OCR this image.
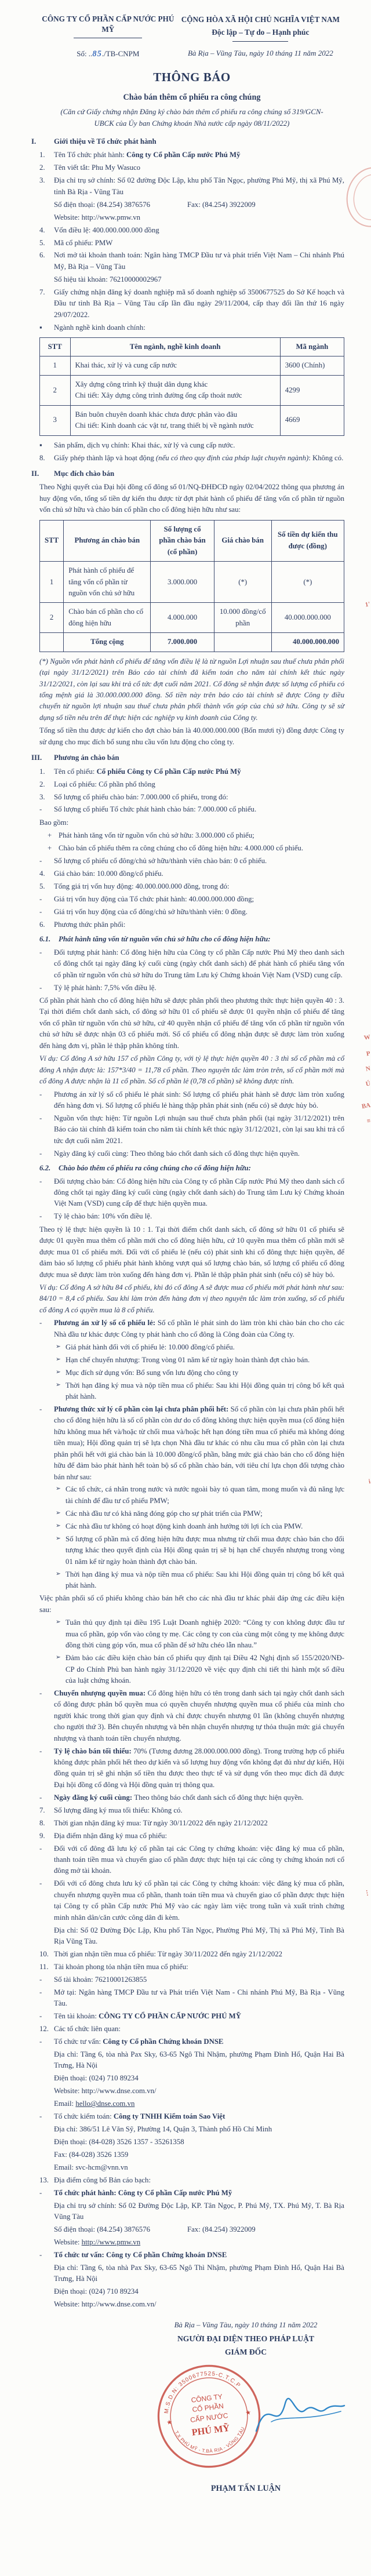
CÔNG TY CỔ PHẦN CẤP NƯỚC PHÚ MỸ
Số: ..85./TB-CNPM
CỘNG HÒA XÃ HỘI CHỦ NGHĨA VIỆT NAM
Độc lập – Tự do – Hạnh phúc
Bà Rịa – Vũng Tàu, ngày 10 tháng 11 năm 2022
THÔNG BÁO
Chào bán thêm cổ phiếu ra công chúng
(Căn cứ Giấy chứng nhận Đăng ký chào bán thêm cổ phiếu ra công chúng số 319/GCN-UBCK của Ủy ban Chứng khoán Nhà nước cấp ngày 08/11/2022)
I.	Giới thiệu về Tổ chức phát hành
1.	Tên Tổ chức phát hành: Công ty Cổ phần Cấp nước Phú Mỹ
2.	Tên viết tắt: Phu My Wasuco
3.	Địa chỉ trụ sở chính: Số 02 đường Độc Lập, khu phố Tân Ngọc, phường Phú Mỹ, thị xã Phú Mỹ, tỉnh Bà Rịa - Vũng Tàu
Số điện thoại: (84.254) 3876576	Fax: (84.254) 3922009
Website: http://www.pmw.vn
4.	Vốn điều lệ: 400.000.000.000 đồng
5.	Mã cổ phiếu: PMW
6.	Nơi mở tài khoản thanh toán: Ngân hàng TMCP Đầu tư và phát triển Việt Nam – Chi nhánh Phú Mỹ, Bà Rịa – Vũng Tàu
Số hiệu tài khoản: 76210000002967
7.	Giấy chứng nhận đăng ký doanh nghiệp mã số doanh nghiệp số 3500677525 do Sở Kế hoạch và Đầu tư tỉnh Bà Rịa – Vũng Tàu cấp lần đầu ngày 29/11/2004, cấp thay đổi lần thứ 16 ngày 29/07/2022.
▪	Ngành nghề kinh doanh chính:
STT	Tên ngành, nghề kinh doanh	Mã ngành
1	Khai thác, xử lý và cung cấp nước	3600 (Chính)
2	Xây dựng công trình kỹ thuật dân dụng khác
Chi tiết: Xây dựng công trình đường ống cấp thoát nước	4299
3	Bán buôn chuyên doanh khác chưa được phân vào đâu
Chi tiết: Kinh doanh các vật tư, trang thiết bị về ngành nước	4669
▪	Sản phẩm, dịch vụ chính: Khai thác, xử lý và cung cấp nước.
8.	Giấy phép thành lập và hoạt động (nếu có theo quy định của pháp luật chuyên ngành): Không có.
II.	Mục đích chào bán
Theo Nghị quyết của Đại hội đồng cổ đông số 01/NQ-ĐHĐCĐ ngày 02/04/2022 thông qua phương án huy động vốn, tổng số tiền dự kiến thu được từ đợt phát hành cổ phiếu để tăng vốn cổ phần từ nguồn vốn chủ sở hữu và chào bán cổ phần cho cổ đông hiện hữu như sau:
STT	Phương án chào bán	Số lượng cổ phần chào bán (cổ phần)	Giá chào bán	Số tiền dự kiến thu được (đồng)
1	Phát hành cổ phiếu để tăng vốn cổ phần từ nguồn vốn chủ sở hữu	3.000.000	(*)	(*)
2	Chào bán cổ phần cho cổ đông hiện hữu	4.000.000	10.000 đồng/cổ phần	40.000.000.000
	Tổng cộng	7.000.000		40.000.000.000
(*) Nguồn vốn phát hành cổ phiếu để tăng vốn điều lệ là từ nguồn Lợi nhuận sau thuế chưa phân phối (tại ngày 31/12/2021) trên Báo cáo tài chính đã kiểm toán cho năm tài chính kết thúc ngày 31/12/2021, còn lại sau khi trả cổ tức đợt cuối năm 2021. Cổ đông sẽ nhận được số lượng cổ phiếu có tổng mệnh giá là 30.000.000.000 đồng. Số tiền này trên báo cáo tài chính sẽ được Công ty điều chuyển từ nguồn lợi nhuận sau thuế chưa phân phối thành vốn góp của chủ sở hữu. Công ty sẽ sử dụng số tiền nêu trên để thực hiện các nghiệp vụ kinh doanh của Công ty.
Tổng số tiền thu được dự kiến cho đợt chào bán là 40.000.000.000 (Bốn mươi tỷ) đồng được Công ty sử dụng cho mục đích bổ sung nhu cầu vốn lưu động cho công ty.
III.	Phương án chào bán
1.	Tên cổ phiếu: Cổ phiếu Công ty Cổ phần Cấp nước Phú Mỹ
2.	Loại cổ phiếu: Cổ phần phổ thông
3.	Số lượng cổ phiếu chào bán: 7.000.000 cổ phiếu, trong đó:
-	Số lượng cổ phiếu Tổ chức phát hành chào bán: 7.000.000 cổ phiếu.
Bao gồm:
+ Phát hành tăng vốn từ nguồn vốn chủ sở hữu: 3.000.000 cổ phiếu;
+ Chào bán cổ phiếu thêm ra công chúng cho cổ đông hiện hữu: 4.000.000 cổ phiếu.
-	Số lượng cổ phiếu cổ đông/chủ sở hữu/thành viên chào bán: 0 cổ phiếu.
4.	Giá chào bán: 10.000 đồng/cổ phiếu.
5.	Tổng giá trị vốn huy động: 40.000.000.000 đồng, trong đó:
-	Giá trị vốn huy động của Tổ chức phát hành: 40.000.000.000 đồng;
-	Giá trị vốn huy động của cổ đông/chủ sở hữu/thành viên: 0 đồng.
6.	Phương thức phân phối:
6.1.	Phát hành tăng vốn từ nguồn vốn chủ sở hữu cho cổ đông hiện hữu:
-	Đối tượng phát hành: Cổ đông hiện hữu của Công ty cổ phần Cấp nước Phú Mỹ theo danh sách cổ đông chốt tại ngày đăng ký cuối cùng (ngày chốt danh sách) để phát hành cổ phiếu tăng vốn cổ phần từ nguồn vốn chủ sở hữu do Trung tâm Lưu ký Chứng khoán Việt Nam (VSD) cung cấp.
-	Tỷ lệ phát hành: 7,5% vốn điều lệ.
Cổ phần phát hành cho cổ đông hiện hữu sẽ được phân phối theo phương thức thực hiện quyền 40 : 3. Tại thời điểm chốt danh sách, cổ đông sở hữu 01 cổ phiếu sẽ được 01 quyền nhận cổ phiếu để tăng vốn cổ phần từ nguồn vốn chủ sở hữu, cứ 40 quyền nhận cổ phiếu để tăng vốn cổ phần từ nguồn vốn chủ sở hữu sẽ được nhận 03 cổ phiếu mới. Số cổ phiếu cổ đông nhận được sẽ được làm tròn xuống đến hàng đơn vị, phần lẻ thập phân không tính.
Ví dụ: Cổ đông A sở hữu 157 cổ phần Công ty, với tỷ lệ thực hiện quyền 40 : 3 thì số cổ phần mà cổ đông A nhận được là: 157*3/40 = 11,78 cổ phần. Theo nguyên tắc làm tròn trên, số cổ phần mới mà cổ đông A được nhận là 11 cổ phần. Số cổ phần lẻ (0,78 cổ phần) sẽ không được tính.
-	Phương án xử lý số cổ phiếu lẻ phát sinh: Số lượng cổ phiếu phát hành sẽ được làm tròn xuống đến hàng đơn vị. Số lượng cổ phiếu lẻ hàng thập phân phát sinh (nếu có) sẽ được hủy bỏ.
-	Nguồn vốn thực hiện: Từ nguồn Lợi nhuận sau thuế chưa phân phối (tại ngày 31/12/2021) trên Báo cáo tài chính đã kiểm toán cho năm tài chính kết thúc ngày 31/12/2021, còn lại sau khi trả cổ tức đợt cuối năm 2021.
-	Ngày đăng ký cuối cùng: Theo thông báo chốt danh sách cổ đông thực hiện quyền.
6.2.	Chào báo thêm cổ phiếu ra công chúng cho cổ đông hiện hữu:
-	Đối tượng chào bán: Cổ đông hiện hữu của Công ty cổ phần Cấp nước Phú Mỹ theo danh sách cổ đông chốt tại ngày đăng ký cuối cùng (ngày chốt danh sách) do Trung tâm Lưu ký Chứng khoán Việt Nam (VSD) cung cấp để thực hiện quyền mua.
-	Tỷ lệ chào bán: 10% vốn điều lệ.
Theo tỷ lệ thực hiện quyền là 10 : 1. Tại thời điểm chốt danh sách, cổ đông sở hữu 01 cổ phiếu sẽ được 01 quyền mua thêm cổ phần mới cho cổ đông hiện hữu, cứ 10 quyền mua thêm cổ phần mới sẽ được mua 01 cổ phiếu mới. Đối với cổ phiếu lẻ (nếu có) phát sinh khi cổ đông thực hiện quyền, để đảm bảo số lượng cổ phiếu phát hành không vượt quá số lượng chào bán, số lượng cổ phiếu cổ đông được mua sẽ được làm tròn xuống đến hàng đơn vị. Phần lẻ thập phân phát sinh (nếu có) sẽ hủy bỏ.
Ví dụ: Cổ đông A sở hữu 84 cổ phiếu, khi đó cổ đông A sẽ được mua cổ phiếu mới phát hành như sau: 84/10 = 8,4 cổ phiếu. Sau khi làm tròn đến hàng đơn vị theo nguyên tắc làm tròn xuống, số cổ phiếu cổ đông A có quyền mua là 8 cổ phiếu.
-	Phương án xử lý số cổ phiếu lẻ: Số cổ phần lẻ phát sinh do làm tròn khi chào bán cho cho các Nhà đầu tư khác được Công ty phát hành cho cổ đông là Công đoàn của Công ty.
➢ Giá phát hành đối với cổ phiếu lẻ: 10.000 đồng/cổ phiếu.
➢ Hạn chế chuyển nhượng: Trong vòng 01 năm kể từ ngày hoàn thành đợt chào bán.
➢ Mục đích sử dụng vốn: Bổ sung vốn lưu động cho công ty
➢ Thời hạn đăng ký mua và nộp tiền mua cổ phiếu: Sau khi Hội đồng quản trị công bố kết quả phát hành.
-	Phương thức xử lý cổ phần còn lại chưa phân phối hết: Số cổ phần còn lại chưa phân phối hết cho cổ đông hiện hữu là số cổ phần còn dư do cổ đông không thực hiện quyền mua (cổ đông hiện hữu không mua hết và/hoặc từ chối mua và/hoặc hết hạn đóng tiền mua cổ phiếu mà không đóng tiền mua); Hội đồng quản trị sẽ lựa chọn Nhà đầu tư khác có nhu cầu mua cổ phần còn lại chưa phân phối hết với giá chào bán là 10.000 đồng/cổ phần, bằng mức giá chào bán cho cổ đông hiện hữu để đảm bảo phát hành hết toàn bộ số cổ phần chào bán, với tiêu chí lựa chọn đối tượng chào bán như sau:
➢ Các tổ chức, cá nhân trong nước và nước ngoài bày tỏ quan tâm, mong muốn và đủ năng lực tài chính để đầu tư cổ phiếu PMW;
➢ Các nhà đầu tư có khả năng đóng góp cho sự phát triển của PMW;
➢ Các nhà đầu tư không có hoạt động kinh doanh ảnh hưởng tới lợi ích của PMW.
➢ Số lượng cổ phần mà cổ đông hiện hữu được mua nhưng từ chối mua được chào bán cho đối tượng khác theo quyết định của Hội đồng quản trị sẽ bị hạn chế chuyển nhượng trong vòng 01 năm kể từ ngày hoàn thành đợt chào bán.
➢ Thời hạn đăng ký mua và nộp tiền mua cổ phiếu: Sau khi Hội đồng quản trị công bố kết quả phát hành.
Việc phân phối số cổ phiếu không chào bán hết cho các nhà đầu tư khác phải đáp ứng các điều kiện sau:
➢ Tuân thủ quy định tại điều 195 Luật Doanh nghiệp 2020: “Công ty con không được đầu tư mua cổ phần, góp vốn vào công ty mẹ. Các công ty con của cùng một công ty mẹ không được đồng thời cùng góp vốn, mua cổ phần để sở hữu chéo lẫn nhau.”
➢ Đảm bảo các điều kiện chào bán cổ phiếu quy định tại Điều 42 Nghị định số 155/2020/NĐ-CP do Chính Phủ ban hành ngày 31/12/2020 về việc quy định chi tiết thi hành một số điều của luật chứng khoán.
-	Chuyển nhượng quyền mua: Cổ đông hiện hữu có tên trong danh sách tại ngày chốt danh sách cổ đông được phân bổ quyền mua có quyền chuyển nhượng quyền mua cổ phiếu của mình cho người khác trong thời gian quy định và chỉ được chuyển nhượng 01 lần (không chuyển nhượng cho người thứ 3). Bên chuyển nhượng và bên nhận chuyển nhượng tự thỏa thuận mức giá chuyển nhượng và thanh toán tiền chuyển nhượng.
-	Tỷ lệ chào bán tối thiểu: 70% (Tương đương 28.000.000.000 đồng). Trong trường hợp cổ phiếu không được phân phối hết theo dự kiến và số lượng huy động vốn không đạt đủ như dự kiến, Hội đồng quản trị sẽ ghi nhận số tiền thu được theo thực tế và sử dụng vốn theo mục đích đã được Đại hội đồng cổ đông và Hội đồng quản trị thông qua.
-	Ngày đăng ký cuối cùng: Theo thông báo chốt danh sách cổ đông thực hiện quyền.
7.	Số lượng đăng ký mua tối thiểu: Không có.
8.	Thời gian nhận đăng ký mua: Từ ngày 30/11/2022 đến ngày 21/12/2022
9.	Địa điểm nhận đăng ký mua cổ phiếu:
-	Đối với cổ đông đã lưu ký cổ phần tại các Công ty chứng khoán: việc đăng ký mua cổ phần, thanh toán tiền mua và chuyển giao cổ phần được thực hiện tại các công ty chứng khoán nơi cổ đông mở tài khoản.
-	Đối với cổ đông chưa lưu ký cổ phần tại các Công ty chứng khoán: việc đăng ký mua cổ phần, chuyển nhượng quyền mua cổ phần, thanh toán tiền mua và chuyển giao cổ phần được thực hiện tại Công ty cổ phần Cấp nước Phú Mỹ vào các ngày làm việc trong tuần và xuất trình chứng minh nhân dân/căn cước công dân đi kèm.
Địa chỉ: Số 02 Đường Độc Lập, Khu phố Tân Ngọc, Phường Phú Mỹ, Thị xã Phú Mỹ, Tỉnh Bà Rịa Vũng Tàu.
10. Thời gian nhận tiền mua cổ phiếu: Từ ngày 30/11/2022 đến ngày 21/12/2022
11. Tài khoản phong tỏa nhận tiền mua cổ phiếu:
-	Số tài khoản: 76210001263855
-	Mở tại: Ngân hàng TMCP Đầu tư và Phát triển Việt Nam - Chi nhánh Phú Mỹ, Bà Rịa - Vũng Tàu.
-	Tên tài khoản: CÔNG TY CỔ PHẦN CẤP NƯỚC PHÚ MỸ
12. Các tổ chức liên quan:
-	Tổ chức tư vấn: Công ty Cổ phần Chứng khoán DNSE
Địa chỉ: Tầng 6, tòa nhà Pax Sky, 63-65 Ngô Thì Nhậm, phường Phạm Đình Hổ, Quận Hai Bà Trưng, Hà Nội
Điện thoại: (024) 710 89234
Website: http://www.dnse.com.vn/
Email: hello@dnse.com.vn
-	Tổ chức kiểm toán: Công ty TNHH Kiểm toán Sao Việt
Địa chỉ: 386/51 Lê Văn Sỹ, Phường 14, Quận 3, Thành phố Hồ Chí Minh
Điện thoại: (84-028) 3526 1357 - 35261358
Fax: (84-028) 3526 1359
Email: svc-hcm@vnn.vn
13. Địa điểm công bố Bản cáo bạch:
-	Tổ chức phát hành: Công ty Cổ phần Cấp nước Phú Mỹ
Địa chỉ trụ sở chính: Số 02 Đường Độc Lập, KP. Tân Ngọc, P. Phú Mỹ, TX. Phú Mỹ, T. Bà Rịa Vũng Tàu
Số điện thoại: (84.254) 3876576	Fax: (84.254) 3922009
Website: http://www.pmw.vn
-	Tổ chức tư vấn: Công ty Cổ phần Chứng khoán DNSE
Địa chỉ: Tầng 6, tòa nhà Pax Sky, 63-65 Ngô Thì Nhậm, phường Phạm Đình Hổ, Quận Hai Bà Trưng, Hà Nội
Điện thoại: (024) 710 89234
Website: http://www.dnse.com.vn/
Bà Rịa – Vũng Tàu, ngày 10 tháng 11 năm 2022
NGƯỜI ĐẠI DIỆN THEO PHÁP LUẬT
GIÁM ĐỐC
M.S.D.N: 3500677525-C.T.C.P
T.X PHÚ MỸ - T.BÀ RỊA - VŨNG TÀU
CÔNG TY
CỔ PHẦN
CẤP NƯỚC
PHÚ MỸ
★
★
PHẠM TẤN LUẬN
1'
W
P
N
Ú
BA
≡
i
⋮
